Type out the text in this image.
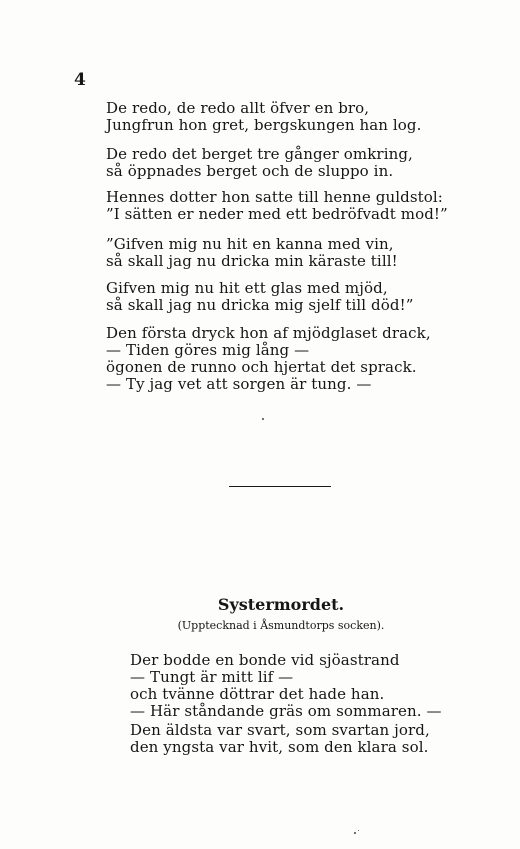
4

De redo, de redo allt öfver en bro,
Jungfrun hon gret, bergskungen han log.

De redo det berget tre gånger omkring,
så öppnades berget och de sluppo in.

Hennes dotter hon satte till henne guldstol:
”I sätten er neder med ett bedröfvadt mod!”

”Gifven mig nu hit en kanna med vin,
så skall jag nu dricka min käraste till!

Gifven mig nu hit ett glas med mjöd,
så skall jag nu dricka mig sjelf till död!”

Den första dryck hon af mjödglaset drack,
— Tiden göres mig lång —
ögonen de runno och hjertat det sprack.
— Ty jag vet att sorgen är tung. —

Systermordet.
(Upptecknad i Åsmundtorps socken).

Der bodde en bonde vid sjöastrand
— Tungt är mitt lif —
och tvänne döttrar det hade han.
— Här ståndande gräs om sommaren. —

Den äldsta var svart, som svartan jord,
den yngsta var hvit, som den klara sol.
